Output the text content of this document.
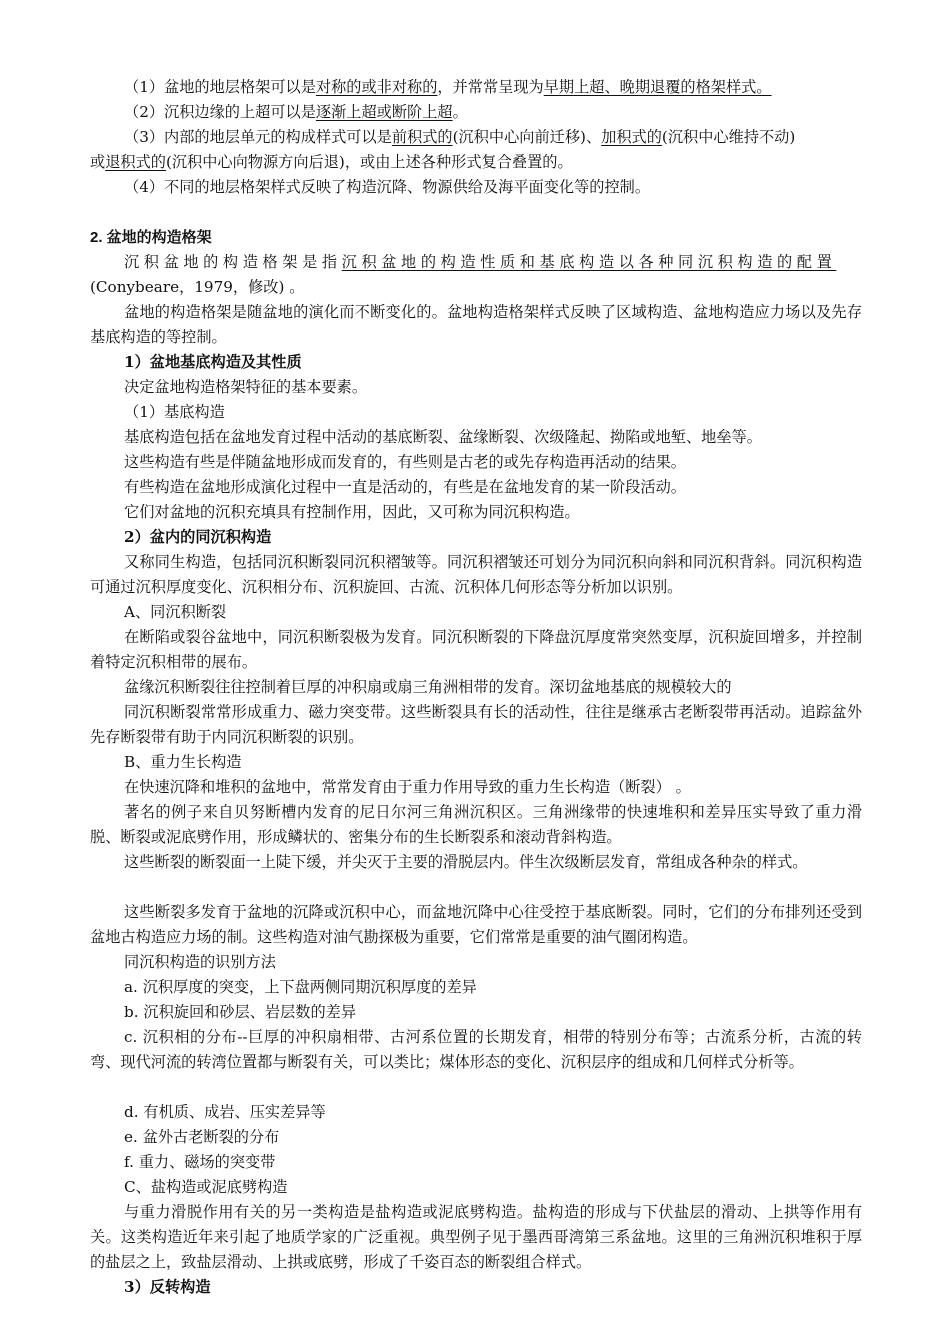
（1）盆地的地层格架可以是对称的或非对称的，并常常呈现为早期上超、晚期退覆的格架样式。

（2）沉积边缘的上超可以是逐渐上超或断阶上超。

（3）内部的地层单元的构成样式可以是前积式的(沉积中心向前迁移)、加积式的(沉积中心维持不动)

或退积式的(沉积中心向物源方向后退)，或由上述各种形式复合叠置的。

（4）不同的地层格架样式反映了构造沉降、物源供给及海平面变化等的控制。

2. 盆地的构造格架

沉积盆地的构造格架是指沉积盆地的构造性质和基底构造以各种同沉积构造的配置

(Conybeare，1979，修改) 。

盆地的构造格架是随盆地的演化而不断变化的。盆地构造格架样式反映了区域构造、盆地构造应力场以及先存基底构造的等控制。

1）盆地基底构造及其性质

决定盆地构造格架特征的基本要素。

（1）基底构造

基底构造包括在盆地发育过程中活动的基底断裂、盆缘断裂、次级隆起、拗陷或地堑、地垒等。

这些构造有些是伴随盆地形成而发育的，有些则是古老的或先存构造再活动的结果。

有些构造在盆地形成演化过程中一直是活动的，有些是在盆地发育的某一阶段活动。

它们对盆地的沉积充填具有控制作用，因此，又可称为同沉积构造。

2）盆内的同沉积构造

又称同生构造，包括同沉积断裂同沉积褶皱等。同沉积褶皱还可划分为同沉积向斜和同沉积背斜。同沉积构造可通过沉积厚度变化、沉积相分布、沉积旋回、古流、沉积体几何形态等分析加以识别。

A、同沉积断裂

在断陷或裂谷盆地中，同沉积断裂极为发育。同沉积断裂的下降盘沉厚度常突然变厚，沉积旋回增多，并控制着特定沉积相带的展布。

盆缘沉积断裂往往控制着巨厚的冲积扇或扇三角洲相带的发育。深切盆地基底的规模较大的

同沉积断裂常常形成重力、磁力突变带。这些断裂具有长的活动性，往往是继承古老断裂带再活动。追踪盆外先存断裂带有助于内同沉积断裂的识别。

B、重力生长构造

在快速沉降和堆积的盆地中，常常发育由于重力作用导致的重力生长构造（断裂） 。

著名的例子来自贝努断槽内发育的尼日尔河三角洲沉积区。三角洲缘带的快速堆积和差异压实导致了重力滑脱、断裂或泥底劈作用，形成鳞状的、密集分布的生长断裂系和滚动背斜构造。

这些断裂的断裂面一上陡下缓，并尖灭于主要的滑脱层内。伴生次级断层发育，常组成各种杂的样式。

这些断裂多发育于盆地的沉降或沉积中心，而盆地沉降中心往受控于基底断裂。同时，它们的分布排列还受到盆地古构造应力场的制。这些构造对油气勘探极为重要，它们常常是重要的油气圈闭构造。

同沉积构造的识别方法

a. 沉积厚度的突变，上下盘两侧同期沉积厚度的差异

b. 沉积旋回和砂层、岩层数的差异

c. 沉积相的分布--巨厚的冲积扇相带、古河系位置的长期发育，相带的特别分布等；古流系分析，古流的转弯、现代河流的转湾位置都与断裂有关，可以类比；煤体形态的变化、沉积层序的组成和几何样式分析等。

d. 有机质、成岩、压实差异等

e. 盆外古老断裂的分布

f. 重力、磁场的突变带

C、盐构造或泥底劈构造

与重力滑脱作用有关的另一类构造是盐构造或泥底劈构造。盐构造的形成与下伏盐层的滑动、上拱等作用有关。这类构造近年来引起了地质学家的广泛重视。典型例子见于墨西哥湾第三系盆地。这里的三角洲沉积堆积于厚的盐层之上，致盐层滑动、上拱或底劈，形成了千姿百态的断裂组合样式。

3）反转构造
